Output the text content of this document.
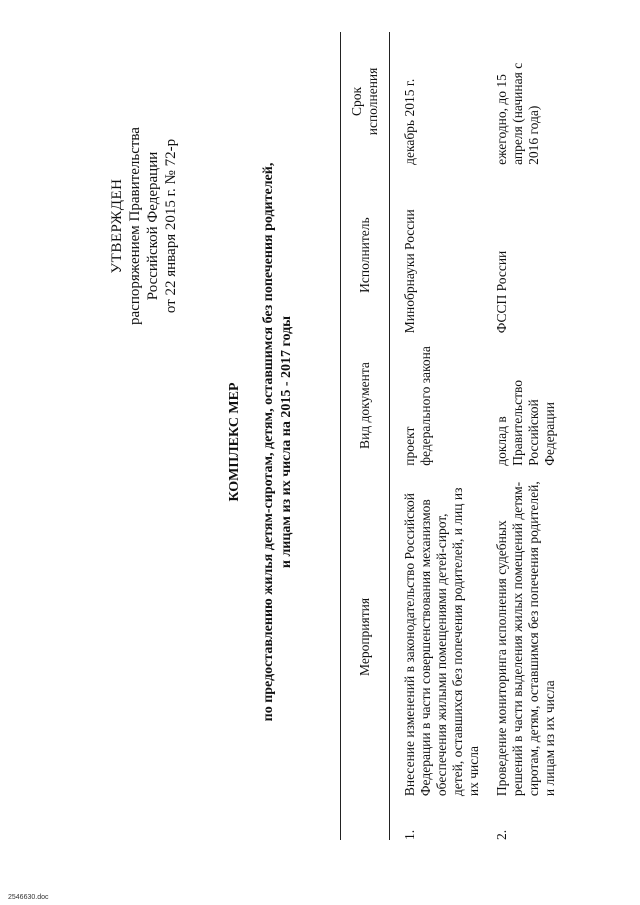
УТВЕРЖДЕН распоряжением Правительства Российской Федерации от 22 января 2015 г. № 72-р
КОМПЛЕКС МЕР по предоставлению жилья детям-сиротам, детям, оставшимся без попечения родителей, и лицам из их числа на 2015 - 2017 годы
	Мероприятия	Вид документа	Исполнитель	Срок исполнения

1.	Внесение изменений в законодательство Российской Федерации в части совершенствования механизмов обеспечения жилыми помещениями детей-сирот, детей, оставшихся без попечения родителей, и лиц из их числа	проект федерального закона	Минобрнауки России	декабрь 2015 г.
2.	Проведение мониторинга исполнения судебных решений в части выделения жилых помещений детям-сиротам, детям, оставшимся без попечения родителей, и лицам из их числа	доклад в Правительство Российской Федерации	ФССП России	ежегодно, до 15 апреля (начиная с 2016 года)
2546630.doc
